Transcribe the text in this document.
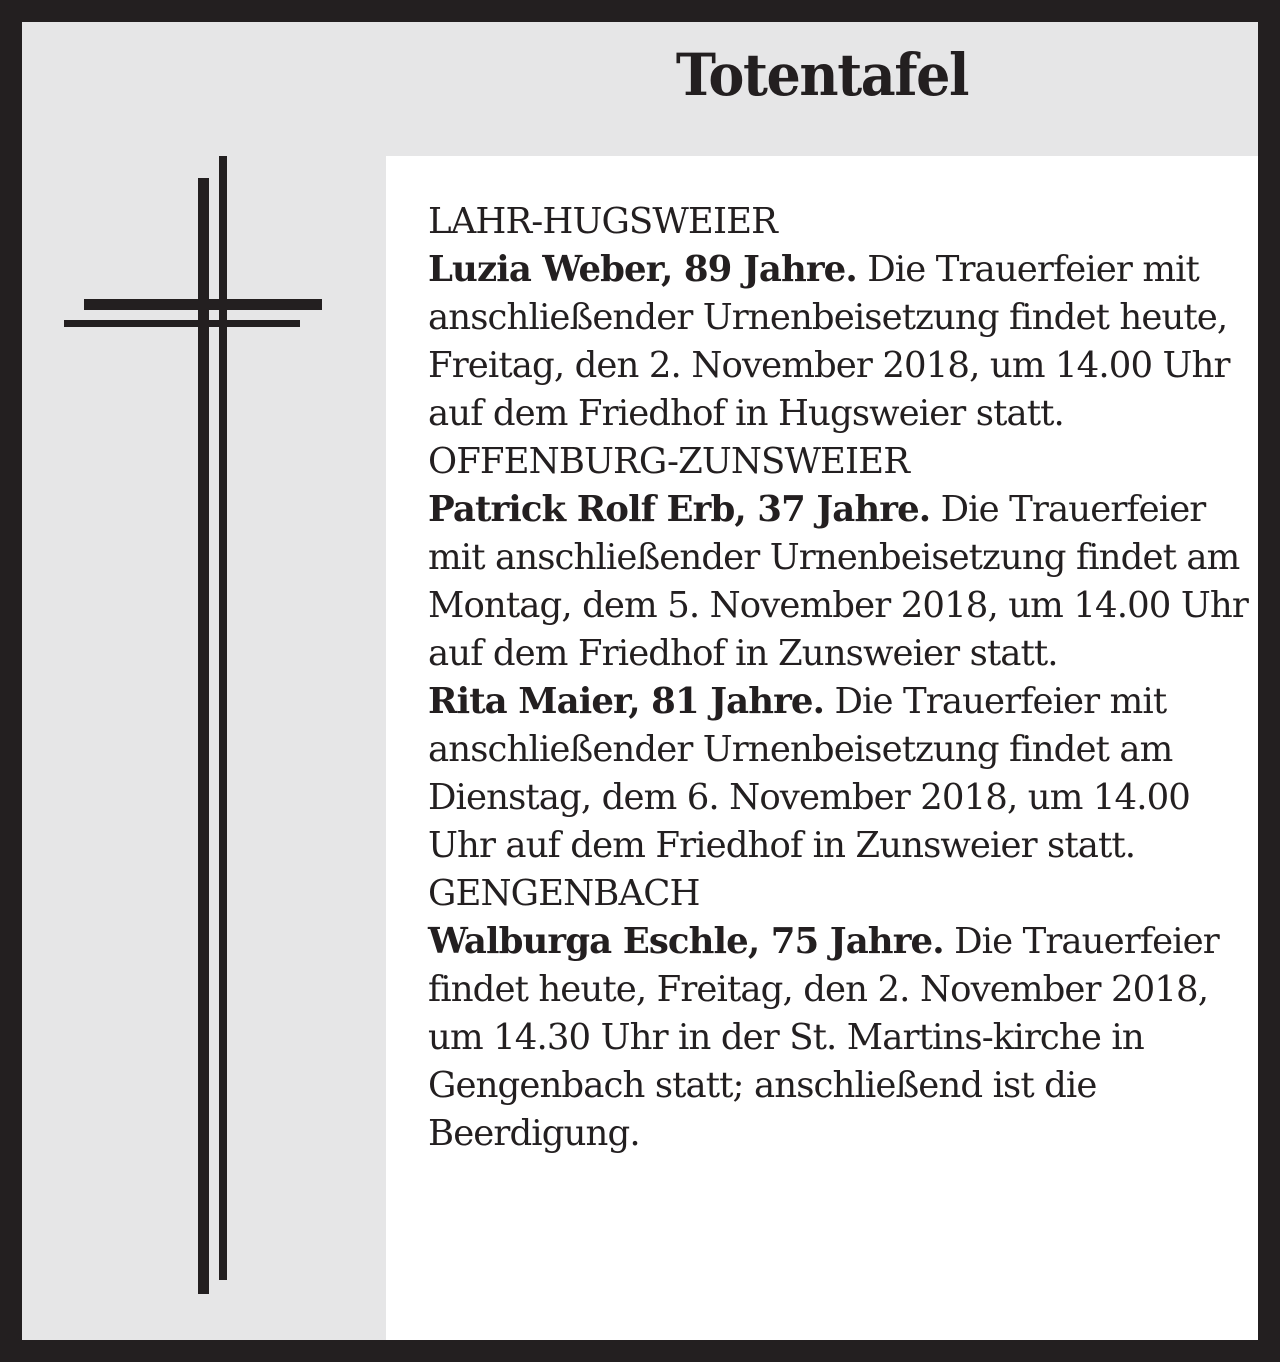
Totentafel
LAHR-HUGSWEIER
Luzia Weber, 89 Jahre. Die Trauerfeier mit anschließender Urnenbeisetzung findet heute, Freitag, den 2. November 2018, um 14.00 Uhr auf dem Friedhof in Hugsweier statt.
OFFENBURG-ZUNSWEIER
Patrick Rolf Erb, 37 Jahre. Die Trauerfeier mit anschließender Urnenbeisetzung findet am Montag, dem 5. November 2018, um 14.00 Uhr auf dem Friedhof in Zunsweier statt.
Rita Maier, 81 Jahre. Die Trauerfeier mit anschließender Urnenbeisetzung findet am Dienstag, dem 6. November 2018, um 14.00 Uhr auf dem Friedhof in Zunsweier statt.
GENGENBACH
Walburga Eschle, 75 Jahre. Die Trauerfeier findet heute, Freitag, den 2. November 2018, um 14.30 Uhr in der St. Martins-kirche in Gengenbach statt; anschließend ist die Beerdigung.
